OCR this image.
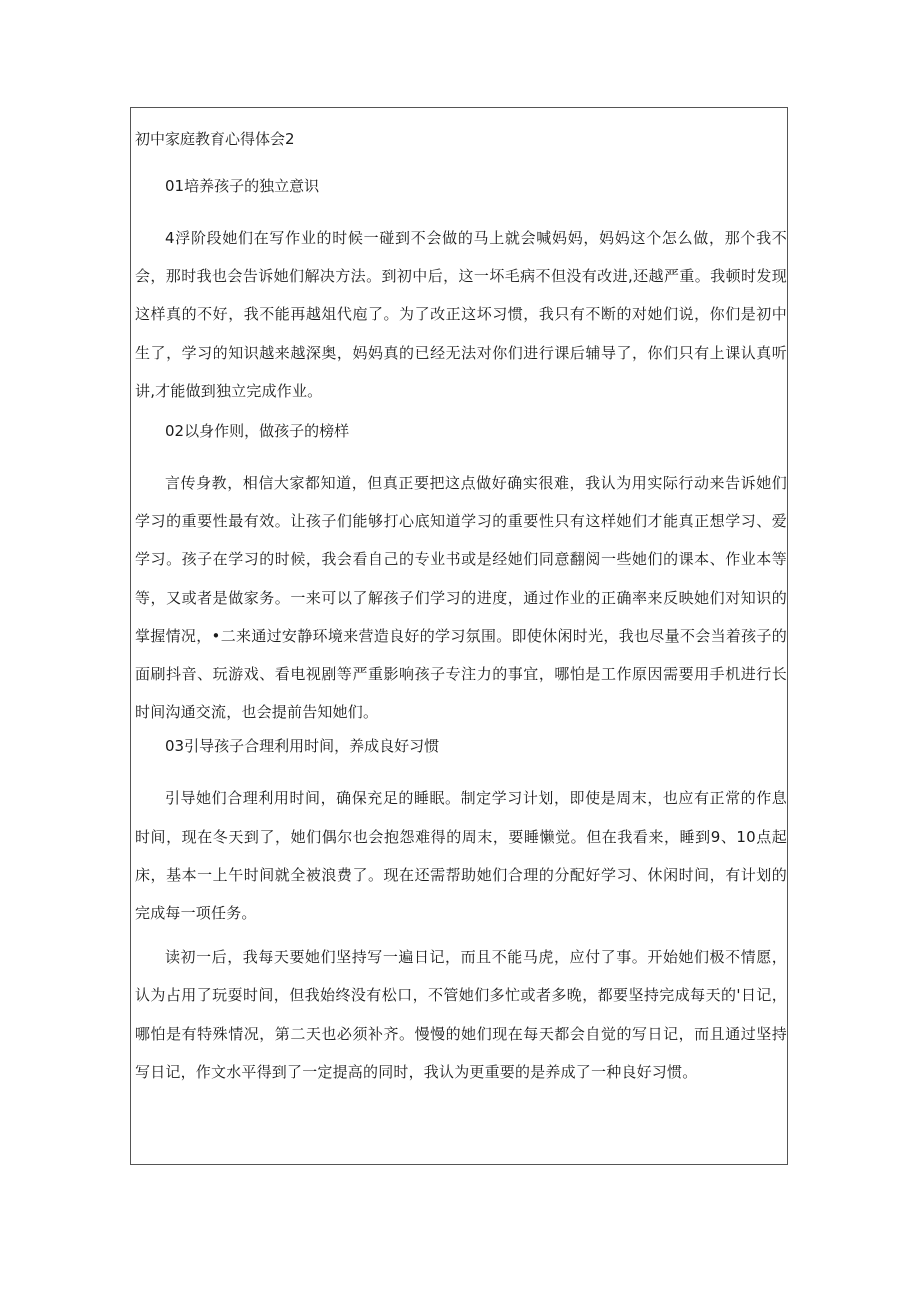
初中家庭教育心得体会2
01培养孩子的独立意识
4浮阶段她们在写作业的时候一碰到不会做的马上就会喊妈妈，妈妈这个怎么做，那个我不会，那时我也会告诉她们解决方法。到初中后，这一坏毛病不但没有改进,还越严重。我顿时发现这样真的不好，我不能再越俎代庖了。为了改正这坏习惯，我只有不断的对她们说，你们是初中生了，学习的知识越来越深奥，妈妈真的已经无法对你们进行课后辅导了，你们只有上课认真听讲,才能做到独立完成作业。
02以身作则，做孩子的榜样
言传身教，相信大家都知道，但真正要把这点做好确实很难，我认为用实际行动来告诉她们学习的重要性最有效。让孩子们能够打心底知道学习的重要性只有这样她们才能真正想学习、爱学习。孩子在学习的时候，我会看自己的专业书或是经她们同意翻阅一些她们的课本、作业本等等，又或者是做家务。一来可以了解孩子们学习的进度，通过作业的正确率来反映她们对知识的掌握情况，•二来通过安静环境来营造良好的学习氛围。即使休闲时光，我也尽量不会当着孩子的面刷抖音、玩游戏、看电视剧等严重影响孩子专注力的事宜，哪怕是工作原因需要用手机进行长时间沟通交流，也会提前告知她们。
03引导孩子合理利用时间，养成良好习惯
引导她们合理利用时间，确保充足的睡眠。制定学习计划，即使是周末，也应有正常的作息时间，现在冬天到了，她们偶尔也会抱怨难得的周末，要睡懒觉。但在我看来，睡到9、10点起床，基本一上午时间就全被浪费了。现在还需帮助她们合理的分配好学习、休闲时间，有计划的完成每一项任务。
读初一后，我每天要她们坚持写一遍日记，而且不能马虎，应付了事。开始她们极不情愿，认为占用了玩耍时间，但我始终没有松口，不管她们多忙或者多晚，都要坚持完成每天的'日记，哪怕是有特殊情况，第二天也必须补齐。慢慢的她们现在每天都会自觉的写日记，而且通过坚持写日记，作文水平得到了一定提高的同时，我认为更重要的是养成了一种良好习惯。
